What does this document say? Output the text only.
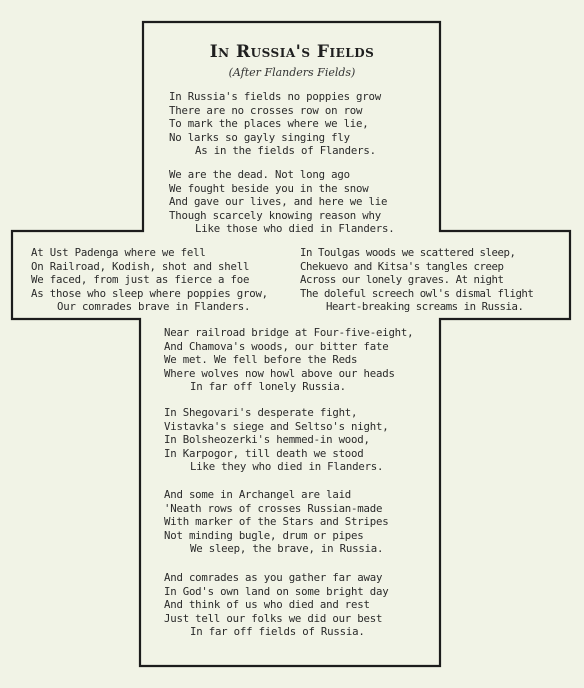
In Russia's Fields
(After Flanders Fields)
In Russia's fields no poppies grow
There are no crosses row on row
To mark the places where we lie,
No larks so gayly singing fly
As in the fields of Flanders.
We are the dead. Not long ago
We fought beside you in the snow
And gave our lives, and here we lie
Though scarcely knowing reason why
Like those who died in Flanders.
At Ust Padenga where we fell
On Railroad, Kodish, shot and shell
We faced, from just as fierce a foe
As those who sleep where poppies grow,
Our comrades brave in Flanders.
In Toulgas woods we scattered sleep,
Chekuevo and Kitsa's tangles creep
Across our lonely graves. At night
The doleful screech owl's dismal flight
Heart-breaking screams in Russia.
Near railroad bridge at Four-five-eight,
And Chamova's woods, our bitter fate
We met. We fell before the Reds
Where wolves now howl above our heads
In far off lonely Russia.
In Shegovari's desperate fight,
Vistavka's siege and Seltso's night,
In Bolsheozerki's hemmed-in wood,
In Karpogor, till death we stood
Like they who died in Flanders.
And some in Archangel are laid
'Neath rows of crosses Russian-made
With marker of the Stars and Stripes
Not minding bugle, drum or pipes
We sleep, the brave, in Russia.
And comrades as you gather far away
In God's own land on some bright day
And think of us who died and rest
Just tell our folks we did our best
In far off fields of Russia.
